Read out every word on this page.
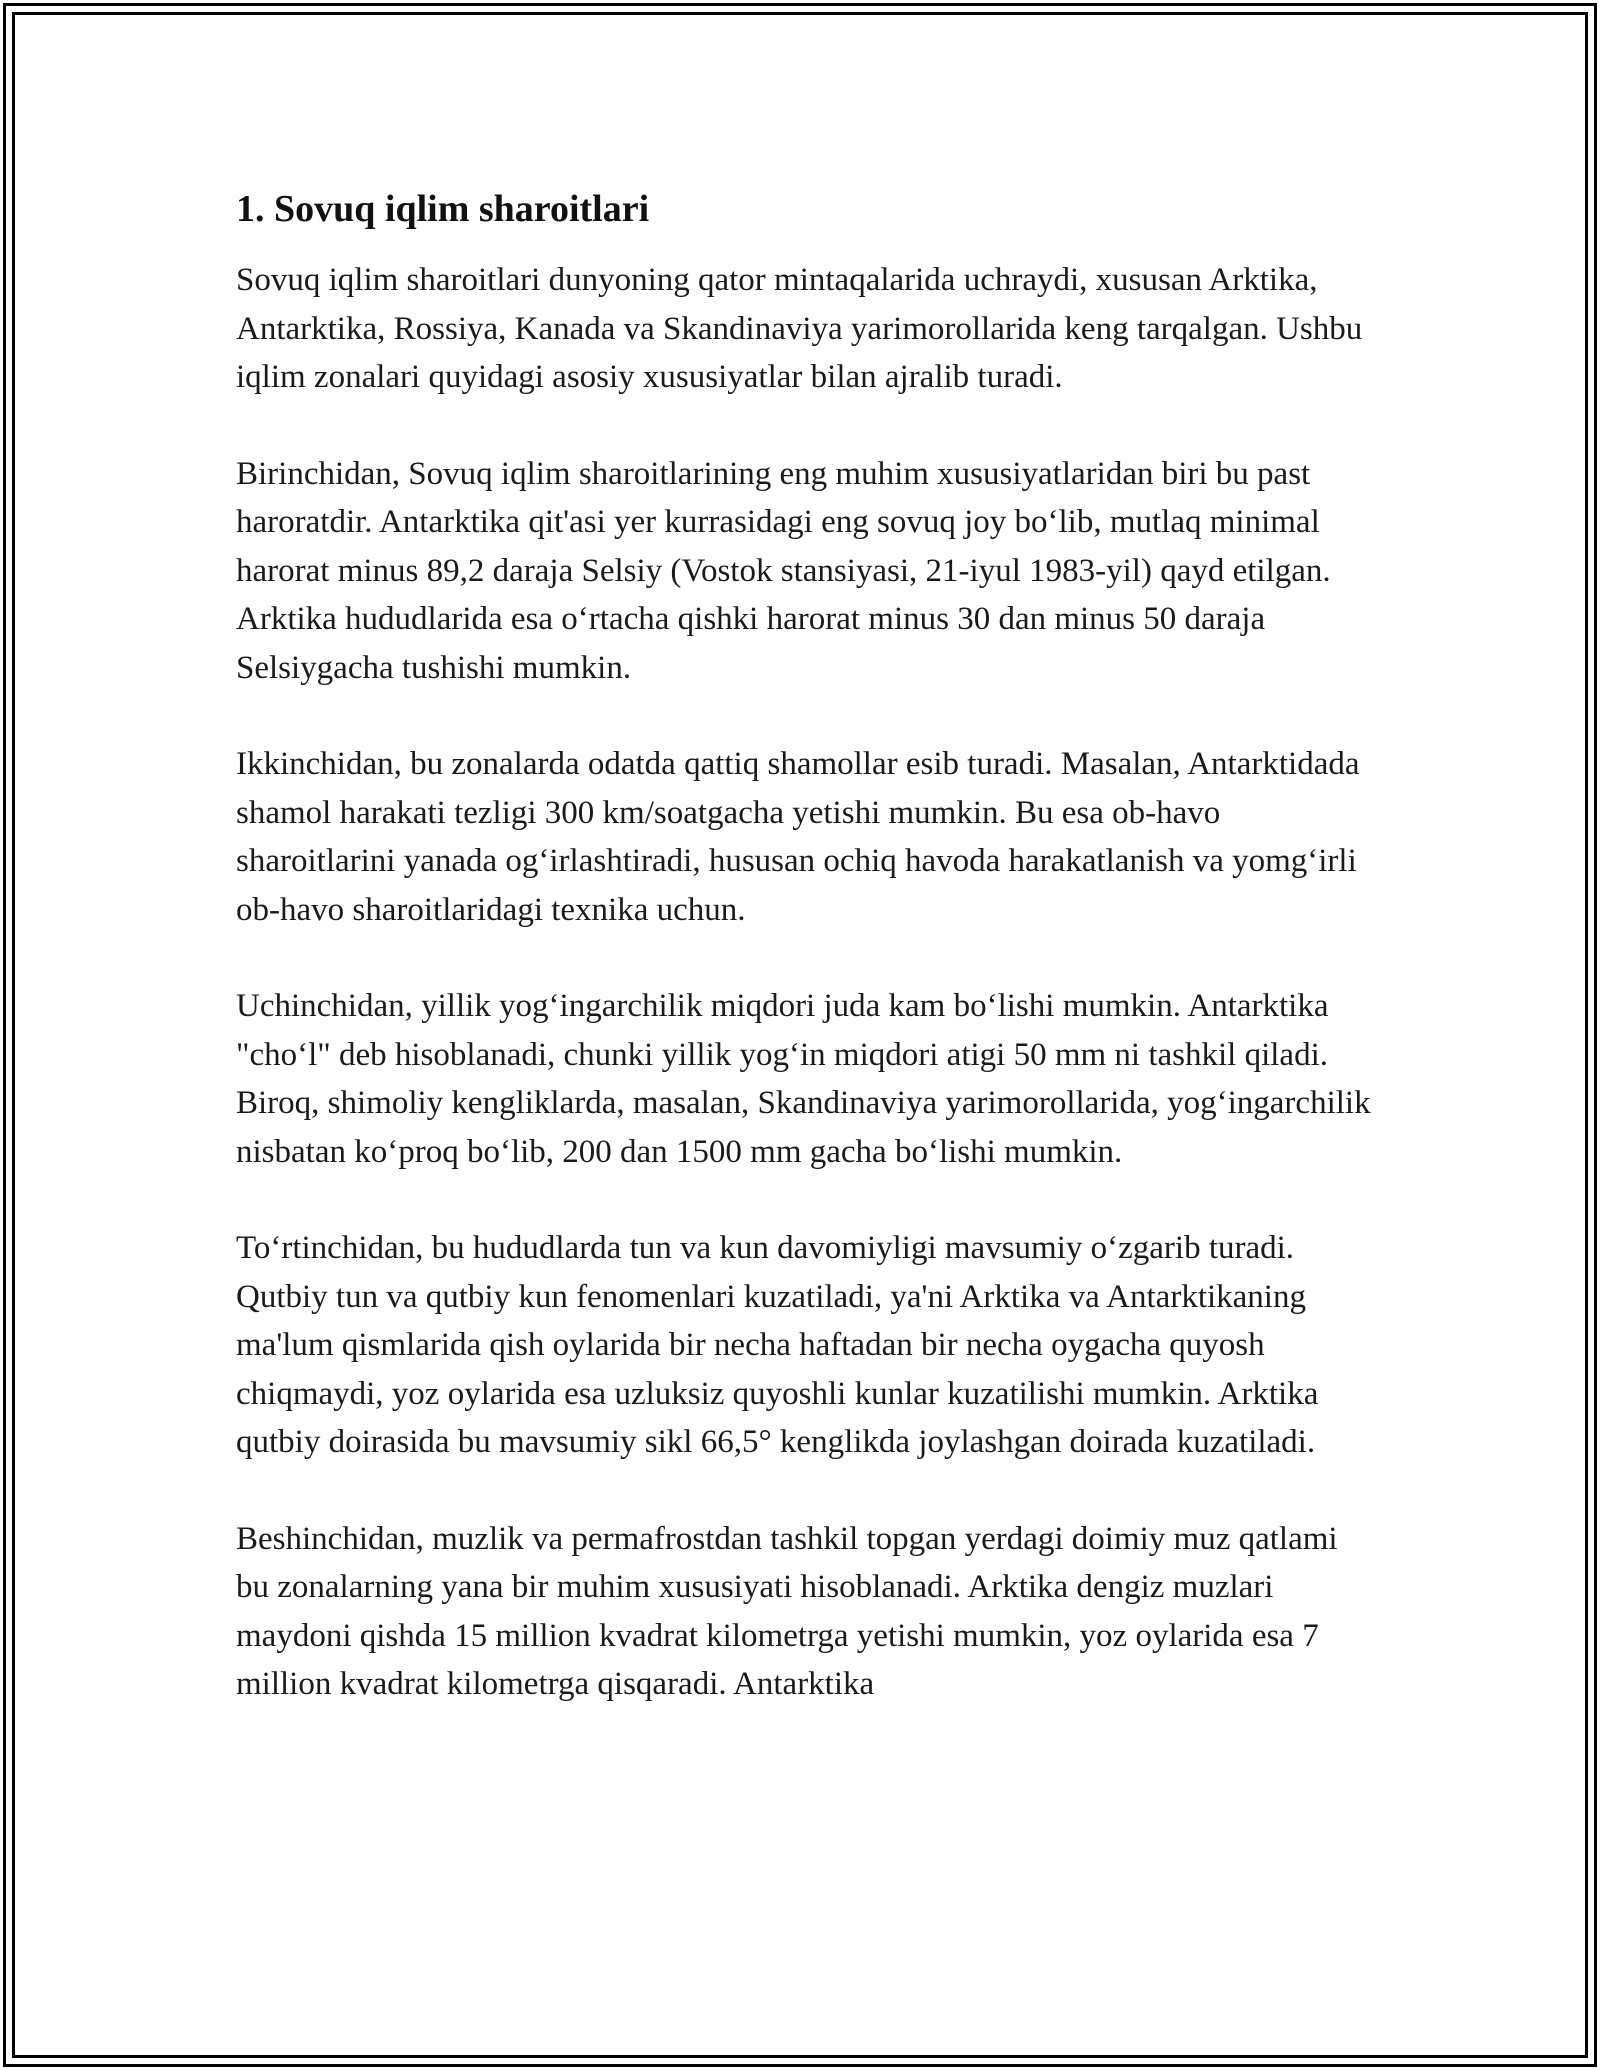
1. Sovuq iqlim sharoitlari

Sovuq iqlim sharoitlari dunyoning qator mintaqalarida uchraydi, xususan Arktika, Antarktika, Rossiya, Kanada va Skandinaviya yarimorollarida keng tarqalgan. Ushbu iqlim zonalari quyidagi asosiy xususiyatlar bilan ajralib turadi.

Birinchidan, Sovuq iqlim sharoitlarining eng muhim xususiyatlaridan biri bu past haroratdir. Antarktika qit'asi yer kurrasidagi eng sovuq joy bo‘lib, mutlaq minimal harorat minus 89,2 daraja Selsiy (Vostok stansiyasi, 21-iyul 1983-yil) qayd etilgan. Arktika hududlarida esa o‘rtacha qishki harorat minus 30 dan minus 50 daraja Selsiygacha tushishi mumkin.

Ikkinchidan, bu zonalarda odatda qattiq shamollar esib turadi. Masalan, Antarktidada shamol harakati tezligi 300 km/soatgacha yetishi mumkin. Bu esa ob-havo sharoitlarini yanada og‘irlashtiradi, hususan ochiq havoda harakatlanish va yomg‘irli ob-havo sharoitlaridagi texnika uchun.

Uchinchidan, yillik yog‘ingarchilik miqdori juda kam bo‘lishi mumkin. Antarktika "cho‘l" deb hisoblanadi, chunki yillik yog‘in miqdori atigi 50 mm ni tashkil qiladi. Biroq, shimoliy kengliklarda, masalan, Skandinaviya yarimorollarida, yog‘ingarchilik nisbatan ko‘proq bo‘lib, 200 dan 1500 mm gacha bo‘lishi mumkin.

To‘rtinchidan, bu hududlarda tun va kun davomiyligi mavsumiy o‘zgarib turadi. Qutbiy tun va qutbiy kun fenomenlari kuzatiladi, ya'ni Arktika va Antarktikaning ma'lum qismlarida qish oylarida bir necha haftadan bir necha oygacha quyosh chiqmaydi, yoz oylarida esa uzluksiz quyoshli kunlar kuzatilishi mumkin. Arktika qutbiy doirasida bu mavsumiy sikl 66,5° kenglikda joylashgan doirada kuzatiladi.

Beshinchidan, muzlik va permafrostdan tashkil topgan yerdagi doimiy muz qatlami bu zonalarning yana bir muhim xususiyati hisoblanadi. Arktika dengiz muzlari maydoni qishda 15 million kvadrat kilometrga yetishi mumkin, yoz oylarida esa 7 million kvadrat kilometrga qisqaradi. Antarktika
